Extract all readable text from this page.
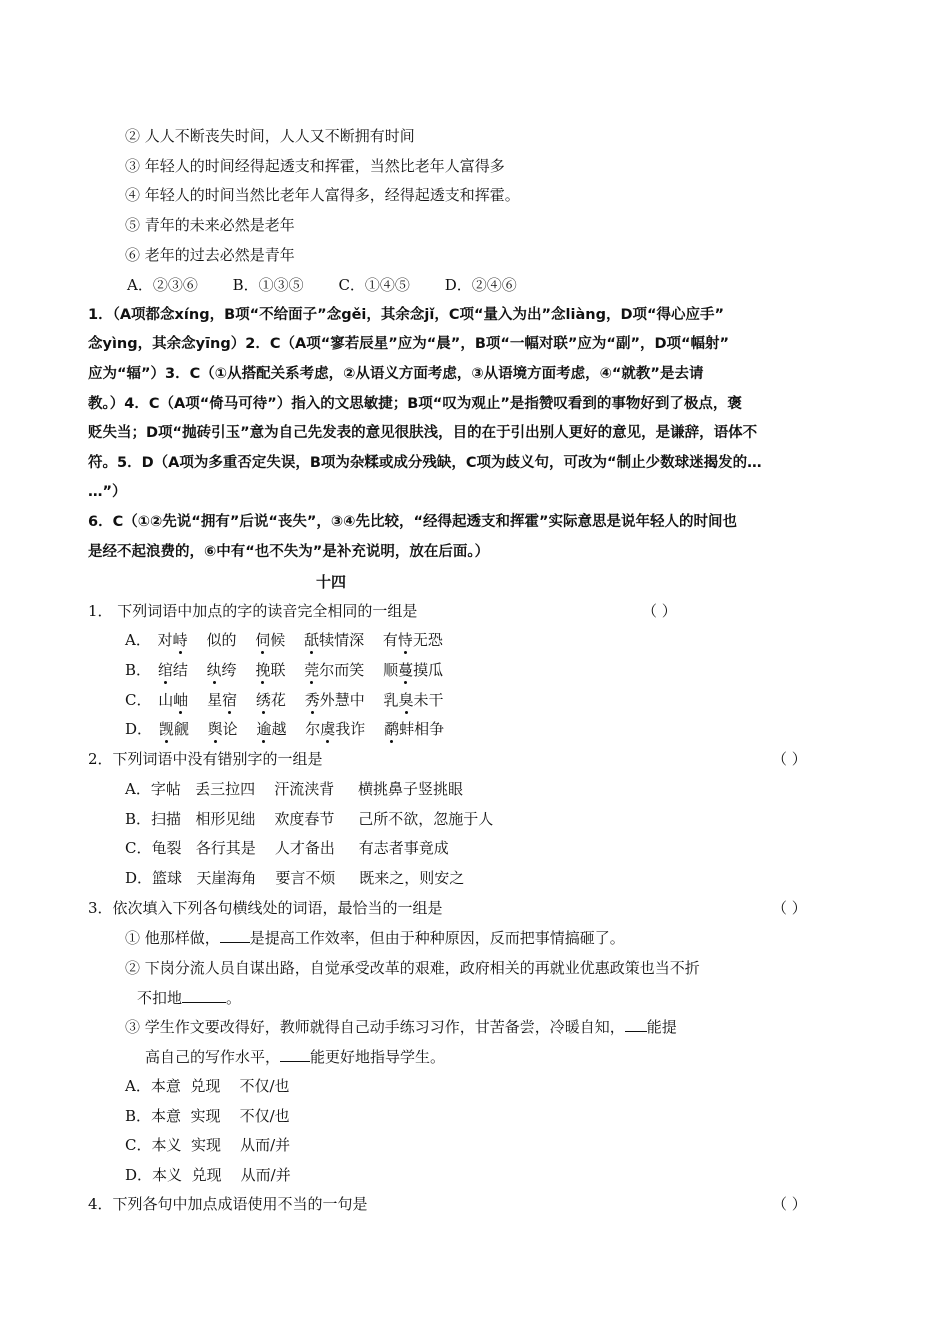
② 人人不断丧失时间，人人又不断拥有时间
③ 年轻人的时间经得起透支和挥霍，当然比老年人富得多
④ 年轻人的时间当然比老年人富得多，经得起透支和挥霍。
⑤ 青年的未来必然是老年
⑥ 老年的过去必然是青年
A．②③⑥ B．①③⑤ C．①④⑤ D．②④⑥
1．（A项都念xíng，B项“不给面子”念gěi，其余念jǐ，C项“量入为出”念liàng，D项“得心应手”
念yìng，其余念yīng）2．C（A项“寥若辰星”应为“晨”，B项“一幅对联”应为“副”，D项“幅射”
应为“辐”）3．C（①从搭配关系考虑，②从语义方面考虑，③从语境方面考虑，④“就教”是去请
教。）4．C（A项“倚马可待”）指入的文思敏捷；B项“叹为观止”是指赞叹看到的事物好到了极点，褒
贬失当；D项“抛砖引玉”意为自己先发表的意见很肤浅，目的在于引出别人更好的意见，是谦辞，语体不
符。5．D（A项为多重否定失误，B项为杂糅或成分残缺，C项为歧义句，可改为“制止少数球迷揭发的…
…”）
6．C（①②先说“拥有”后说“丧失”，③④先比较，“经得起透支和挥霍”实际意思是说年轻人的时间也
是经不起浪费的，⑥中有“也不失为”是补充说明，放在后面。）
十四
1． 下列词语中加点的字的读音完全相同的一组是	（ ）
A． 对峙 似的 伺候 舐犊情深 有恃无恐
B． 绾结 纨绔 挽联 莞尔而笑 顺蔓摸瓜
C． 山岫 星宿 绣花 秀外慧中 乳臭未干
D． 觊觎 舆论 逾越 尔虞我诈 鹬蚌相争
2．下列词语中没有错别字的一组是	（ ）
A．字帖   丢三拉四    汗流浃背     横挑鼻子竖挑眼
B．扫描   相形见绌    欢度春节     己所不欲，忽施于人
C．龟裂   各行其是    人才备出     有志者事竟成
D．篮球   天崖海角    要言不烦     既来之，则安之
3．依次填入下列各句横线处的词语，最恰当的一组是	（ ）
① 他那样做， 是提高工作效率，但由于种种原因，反而把事情搞砸了。
② 下岗分流人员自谋出路，自觉承受改革的艰难，政府相关的再就业优惠政策也当不折
不扣地	。
③ 学生作文要改得好，教师就得自己动手练习习作，甘苦备尝，冷暖自知， 能提
高自己的写作水平， 能更好地指导学生。
A．本意  兑现    不仅/也
B．本意  实现    不仅/也
C．本义  实现    从而/并
D．本义  兑现    从而/并
4．下列各句中加点成语使用不当的一句是	（ ）
